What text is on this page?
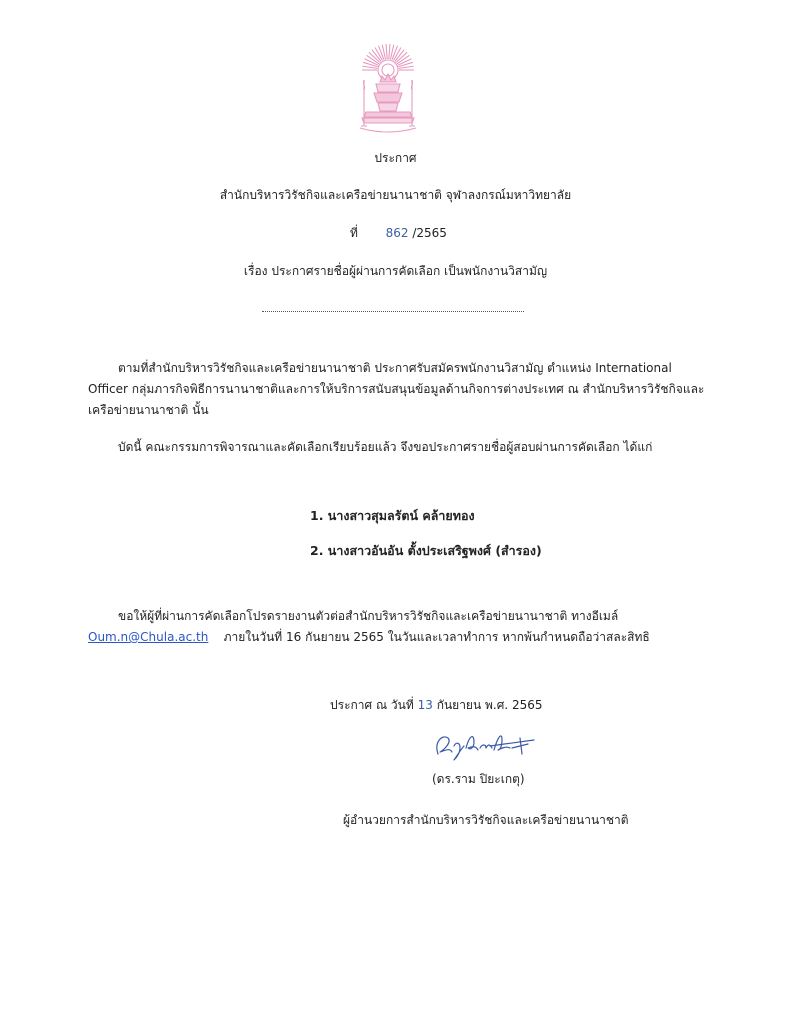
ประกาศ
สำนักบริหารวิรัชกิจและเครือข่ายนานาชาติ จุฬาลงกรณ์มหาวิทยาลัย
ที่ 862 /2565
เรื่อง ประกาศรายชื่อผู้ผ่านการคัดเลือก เป็นพนักงานวิสามัญ
ตามที่สำนักบริหารวิรัชกิจและเครือข่ายนานาชาติ ประกาศรับสมัครพนักงานวิสามัญ ตำแหน่ง International
Officer กลุ่มภารกิจพิธีการนานาชาติและการให้บริการสนับสนุนข้อมูลด้านกิจการต่างประเทศ ณ สำนักบริหารวิรัชกิจและ
เครือข่ายนานาชาติ นั้น
บัดนี้ คณะกรรมการพิจารณาและคัดเลือกเรียบร้อยแล้ว จึงขอประกาศรายชื่อผู้สอบผ่านการคัดเลือก ได้แก่
1. นางสาวสุมลรัตน์ คล้ายทอง
2. นางสาวอันอัน ตั้งประเสริฐพงศ์ (สำรอง)
ขอให้ผู้ที่ผ่านการคัดเลือกโปรดรายงานตัวต่อสำนักบริหารวิรัชกิจและเครือข่ายนานาชาติ ทางอีเมล์
Oum.n@Chula.ac.th ภายในวันที่ 16 กันยายน 2565 ในวันและเวลาทำการ หากพ้นกำหนดถือว่าสละสิทธิ
ประกาศ ณ วันที่ 13 กันยายน พ.ศ. 2565
(ดร.ราม ปิยะเกตุ)
ผู้อำนวยการสำนักบริหารวิรัชกิจและเครือข่ายนานาชาติ
